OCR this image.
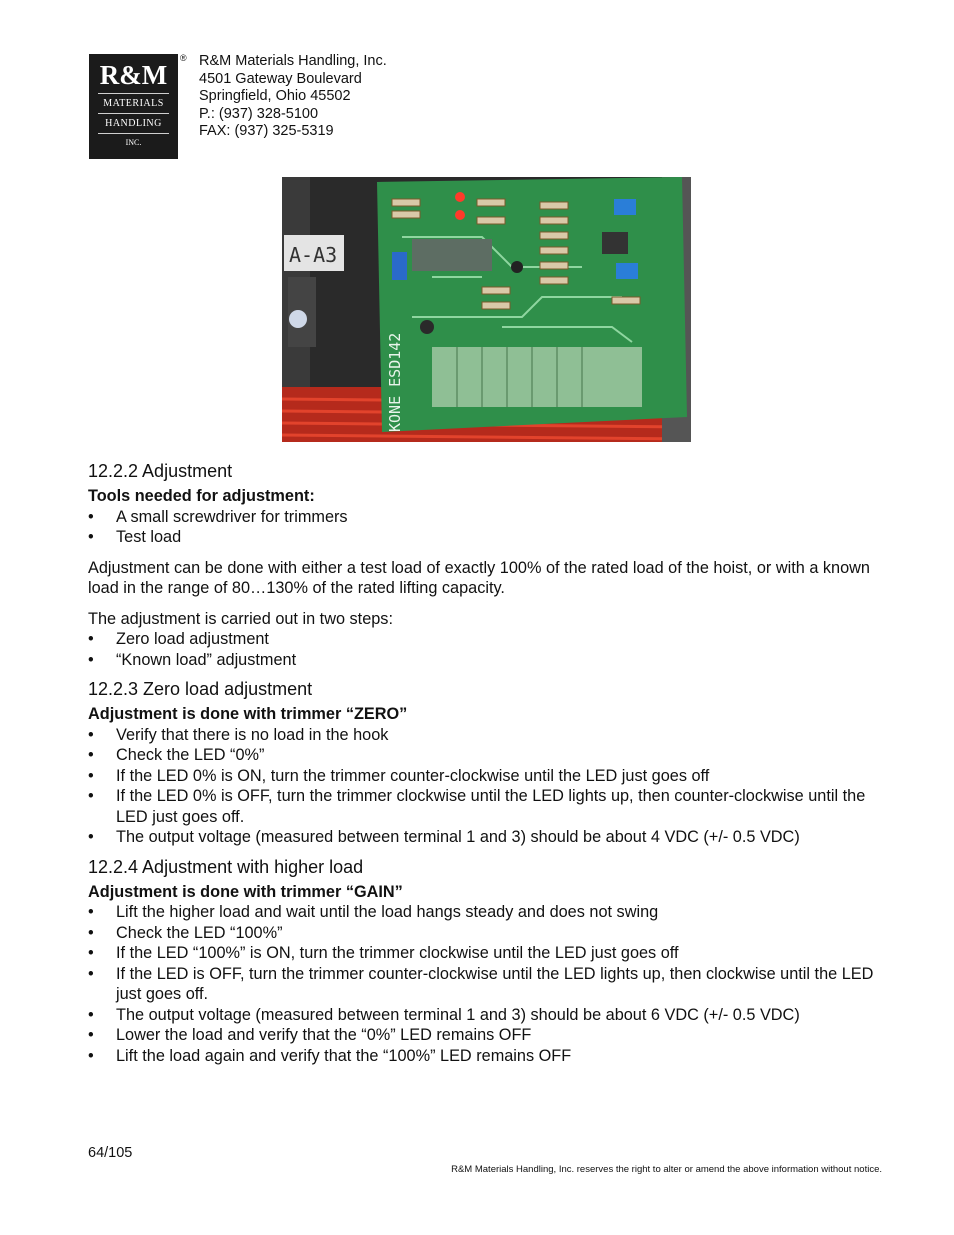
R&M
MATERIALS
HANDLING
INC.
® R&M Materials Handling, Inc.
4501 Gateway Boulevard
Springfield, Ohio 45502
P.: (937) 328-5100
FAX: (937) 325-5319
A-A3
KONE ESD142
12.2.2 Adjustment

Tools needed for adjustment:

• A small screwdriver for trimmers
• Test load

Adjustment can be done with either a test load of exactly 100% of the rated load of the hoist, or with a known load in the range of 80…130% of the rated lifting capacity.

The adjustment is carried out in two steps:

• Zero load adjustment
• “Known load” adjustment
12.2.3 Zero load adjustment

Adjustment is done with trimmer “ZERO”

• Verify that there is no load in the hook
• Check the LED “0%”
• If the LED 0% is ON, turn the trimmer counter-clockwise until the LED just goes off
• If the LED 0% is OFF, turn the trimmer clockwise until the LED lights up, then counter-clockwise until the LED just goes off.
• The output voltage (measured between terminal 1 and 3) should be about 4 VDC (+/- 0.5 VDC)
12.2.4 Adjustment with higher load

Adjustment is done with trimmer “GAIN”

• Lift the higher load and wait until the load hangs steady and does not swing
• Check the LED “100%”
• If the LED “100%” is ON, turn the trimmer clockwise until the LED just goes off
• If the LED is OFF, turn the trimmer counter-clockwise until the LED lights up, then clockwise until the LED just goes off.
• The output voltage (measured between terminal 1 and 3) should be about 6 VDC (+/- 0.5 VDC)
• Lower the load and verify that the “0%” LED remains OFF
• Lift the load again and verify that the “100%” LED remains OFF
64/105
R&M Materials Handling, Inc. reserves the right to alter or amend the above information without notice.
